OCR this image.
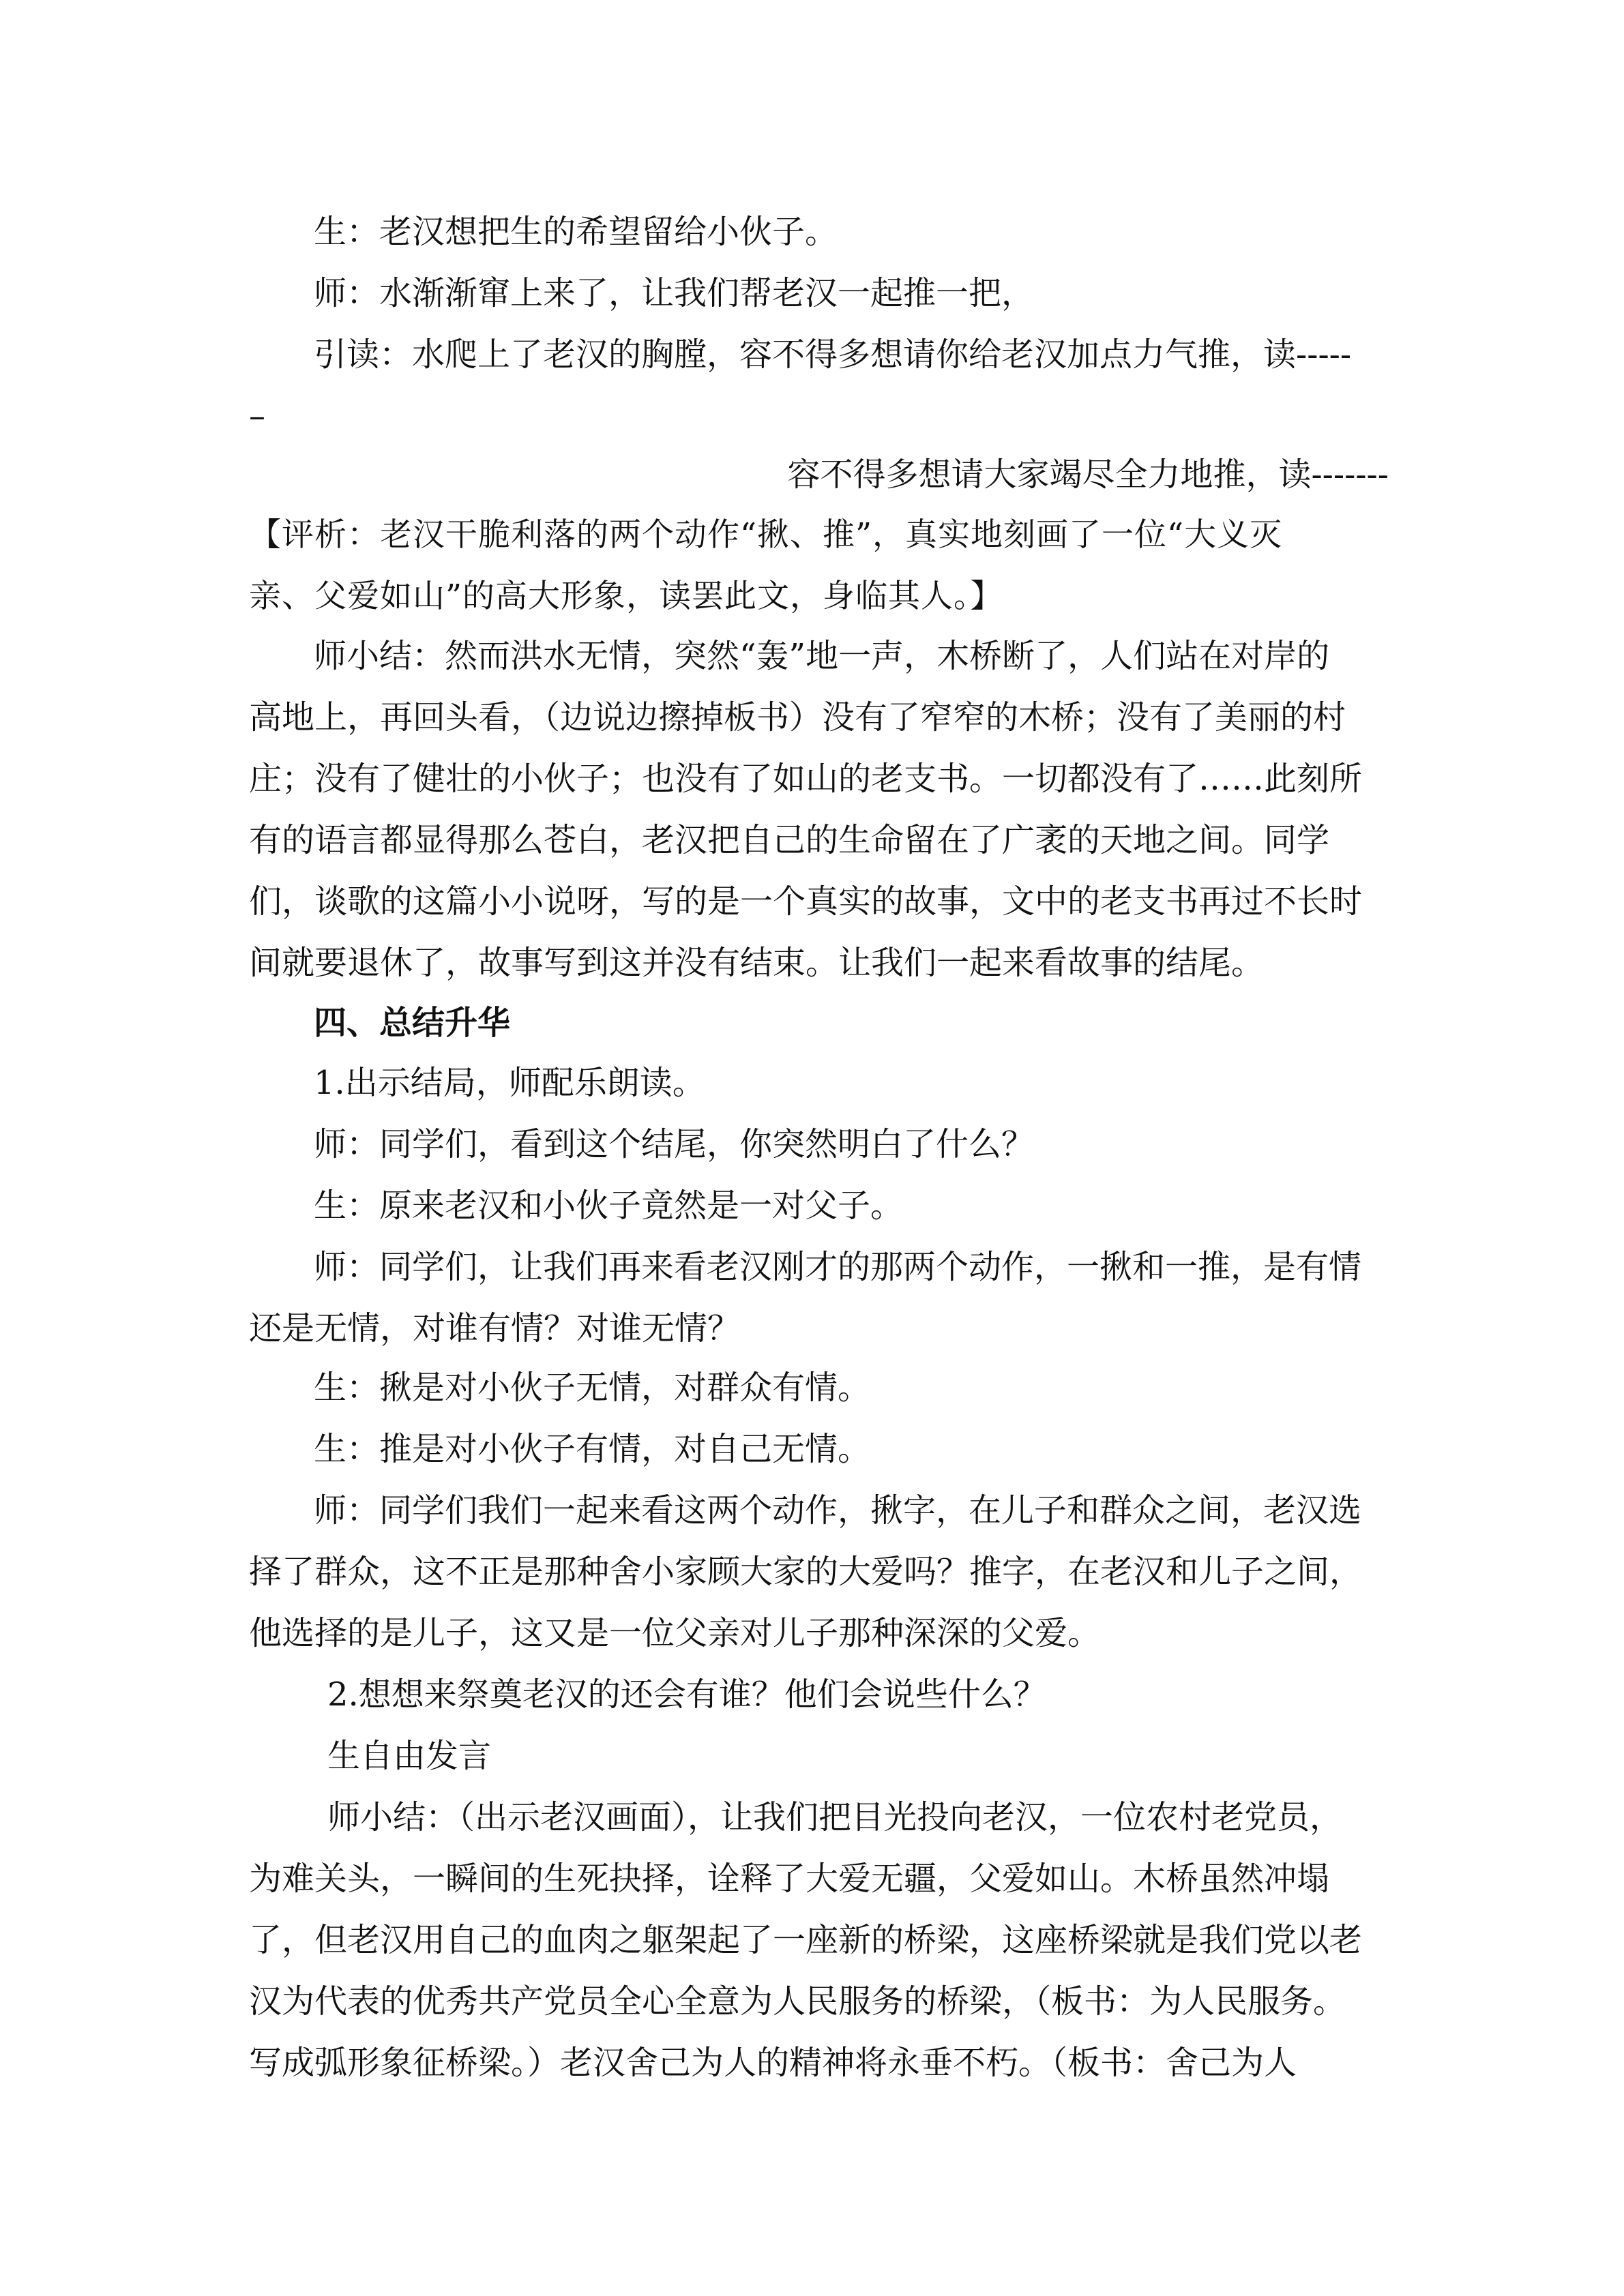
生：老汉想把生的希望留给小伙子。
师：水渐渐窜上来了，让我们帮老汉一起推一把，
引读：水爬上了老汉的胸膛，容不得多想请你给老汉加点力气推，读-----
–
容不得多想请大家竭尽全力地推，读-------
【评析：老汉干脆利落的两个动作“揪、推”，真实地刻画了一位“大义灭
亲、父爱如山”的高大形象，读罢此文，身临其人。】
师小结：然而洪水无情，突然“轰”地一声，木桥断了，人们站在对岸的
高地上，再回头看，（边说边擦掉板书）没有了窄窄的木桥；没有了美丽的村
庄；没有了健壮的小伙子；也没有了如山的老支书。一切都没有了……此刻所
有的语言都显得那么苍白，老汉把自己的生命留在了广袤的天地之间。同学
们，谈歌的这篇小小说呀，写的是一个真实的故事，文中的老支书再过不长时
间就要退休了，故事写到这并没有结束。让我们一起来看故事的结尾。
四、总结升华
1.出示结局，师配乐朗读。
师：同学们，看到这个结尾，你突然明白了什么？
生：原来老汉和小伙子竟然是一对父子。
师：同学们，让我们再来看老汉刚才的那两个动作，一揪和一推，是有情
还是无情，对谁有情？对谁无情？
生：揪是对小伙子无情，对群众有情。
生：推是对小伙子有情，对自己无情。
师：同学们我们一起来看这两个动作，揪字，在儿子和群众之间，老汉选
择了群众，这不正是那种舍小家顾大家的大爱吗？推字，在老汉和儿子之间，
他选择的是儿子，这又是一位父亲对儿子那种深深的父爱。
2.想想来祭奠老汉的还会有谁？他们会说些什么？
生自由发言
师小结：（出示老汉画面），让我们把目光投向老汉，一位农村老党员，
为难关头，一瞬间的生死抉择，诠释了大爱无疆，父爱如山。木桥虽然冲塌
了，但老汉用自己的血肉之躯架起了一座新的桥梁，这座桥梁就是我们党以老
汉为代表的优秀共产党员全心全意为人民服务的桥梁，（板书：为人民服务。
写成弧形象征桥梁。）老汉舍己为人的精神将永垂不朽。（板书：舍己为人
